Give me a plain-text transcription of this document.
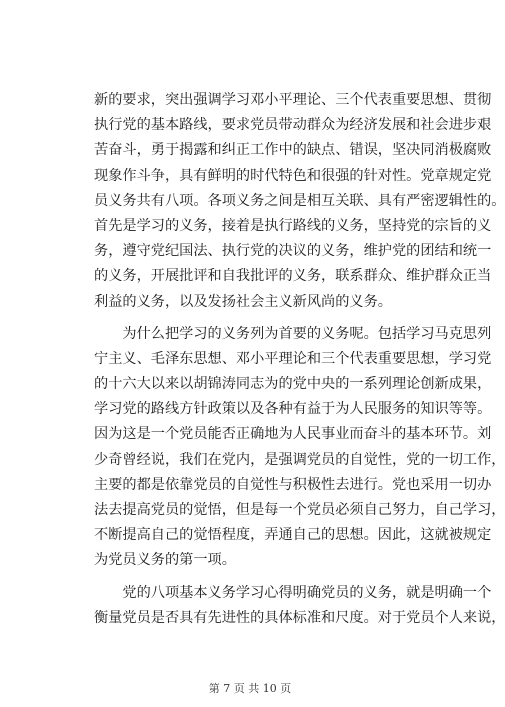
新的要求，突出强调学习邓小平理论、三个代表重要思想、贯彻
执行党的基本路线，要求党员带动群众为经济发展和社会进步艰
苦奋斗，勇于揭露和纠正工作中的缺点、错误，坚决同消极腐败
现象作斗争，具有鲜明的时代特色和很强的针对性。党章规定党
员义务共有八项。各项义务之间是相互关联、具有严密逻辑性的。
首先是学习的义务，接着是执行路线的义务，坚持党的宗旨的义
务，遵守党纪国法、执行党的决议的义务，维护党的团结和统一
的义务，开展批评和自我批评的义务，联系群众、维护群众正当
利益的义务，以及发扬社会主义新风尚的义务。
　　为什么把学习的义务列为首要的义务呢。包括学习马克思列
宁主义、毛泽东思想、邓小平理论和三个代表重要思想，学习党
的十六大以来以胡锦涛同志为的党中央的一系列理论创新成果，
学习党的路线方针政策以及各种有益于为人民服务的知识等等。
因为这是一个党员能否正确地为人民事业而奋斗的基本环节。刘
少奇曾经说，我们在党内，是强调党员的自觉性，党的一切工作，
主要的都是依靠党员的自觉性与积极性去进行。党也采用一切办
法去提高党员的觉悟，但是每一个党员必须自己努力，自己学习，
不断提高自己的觉悟程度，弄通自己的思想。因此，这就被规定
为党员义务的第一项。
　　党的八项基本义务学习心得明确党员的义务，就是明确一个
衡量党员是否具有先进性的具体标准和尺度。对于党员个人来说，
第 7 页 共 10 页
